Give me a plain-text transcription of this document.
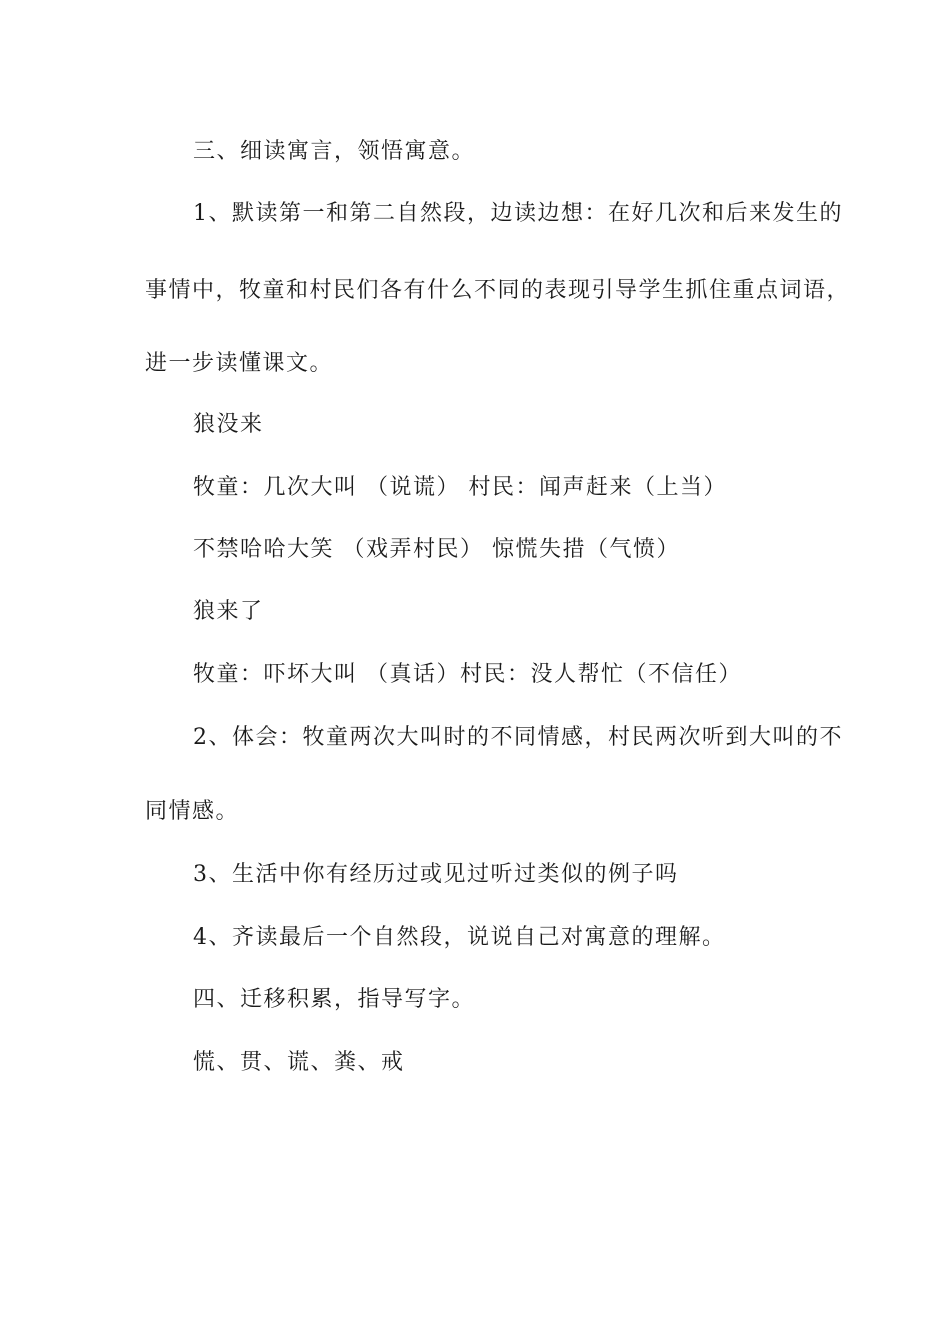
三、细读寓言，领悟寓意。
1、默读第一和第二自然段，边读边想：在好几次和后来发生的
事情中，牧童和村民们各有什么不同的表现引导学生抓住重点词语，
进一步读懂课文。
狼没来
牧童：几次大叫 （说谎） 村民：闻声赶来（上当）
不禁哈哈大笑 （戏弄村民） 惊慌失措（气愤）
狼来了
牧童：吓坏大叫 （真话）村民：没人帮忙（不信任）
2、体会：牧童两次大叫时的不同情感，村民两次听到大叫的不
同情感。
3、生活中你有经历过或见过听过类似的例子吗
4、齐读最后一个自然段，说说自己对寓意的理解。
四、迁移积累，指导写字。
慌、贯、谎、粪、戒
